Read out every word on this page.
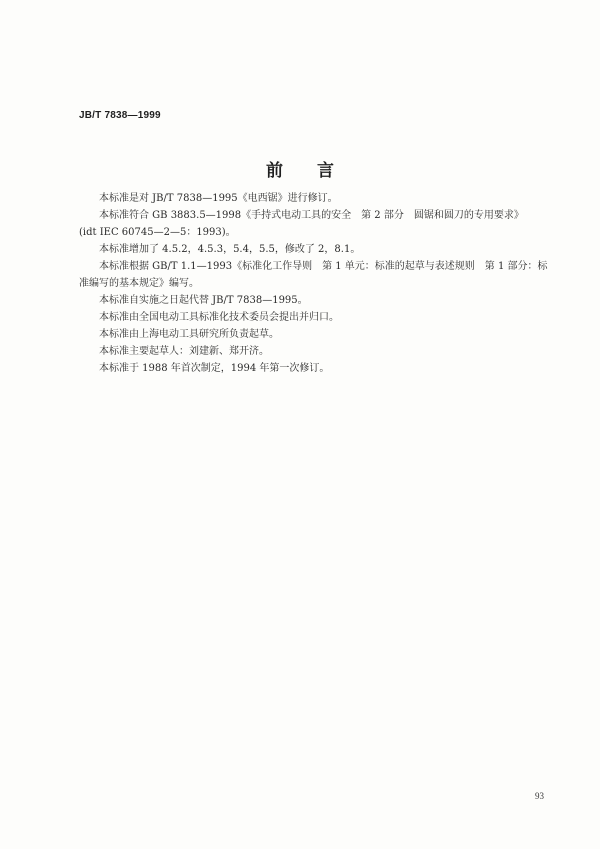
JB/T 7838—1999
前 言

本标准是对 JB/T 7838—1995《电西锯》进行修订。

本标准符合 GB 3883.5—1998《手持式电动工具的安全　第 2 部分　圆锯和圆刀的专用要求》

(idt IEC 60745—2—5：1993)。

本标准增加了 4.5.2，4.5.3，5.4，5.5，修改了 2，8.1。

本标准根据 GB/T 1.1—1993《标准化工作导则　第 1 单元：标准的起草与表述规则　第 1 部分：标

准编写的基本规定》编写。

本标准自实施之日起代替 JB/T 7838—1995。

本标准由全国电动工具标准化技术委员会提出并归口。

本标准由上海电动工具研究所负责起草。

本标准主要起草人：刘建新、郑开济。

本标准于 1988 年首次制定，1994 年第一次修订。

93
